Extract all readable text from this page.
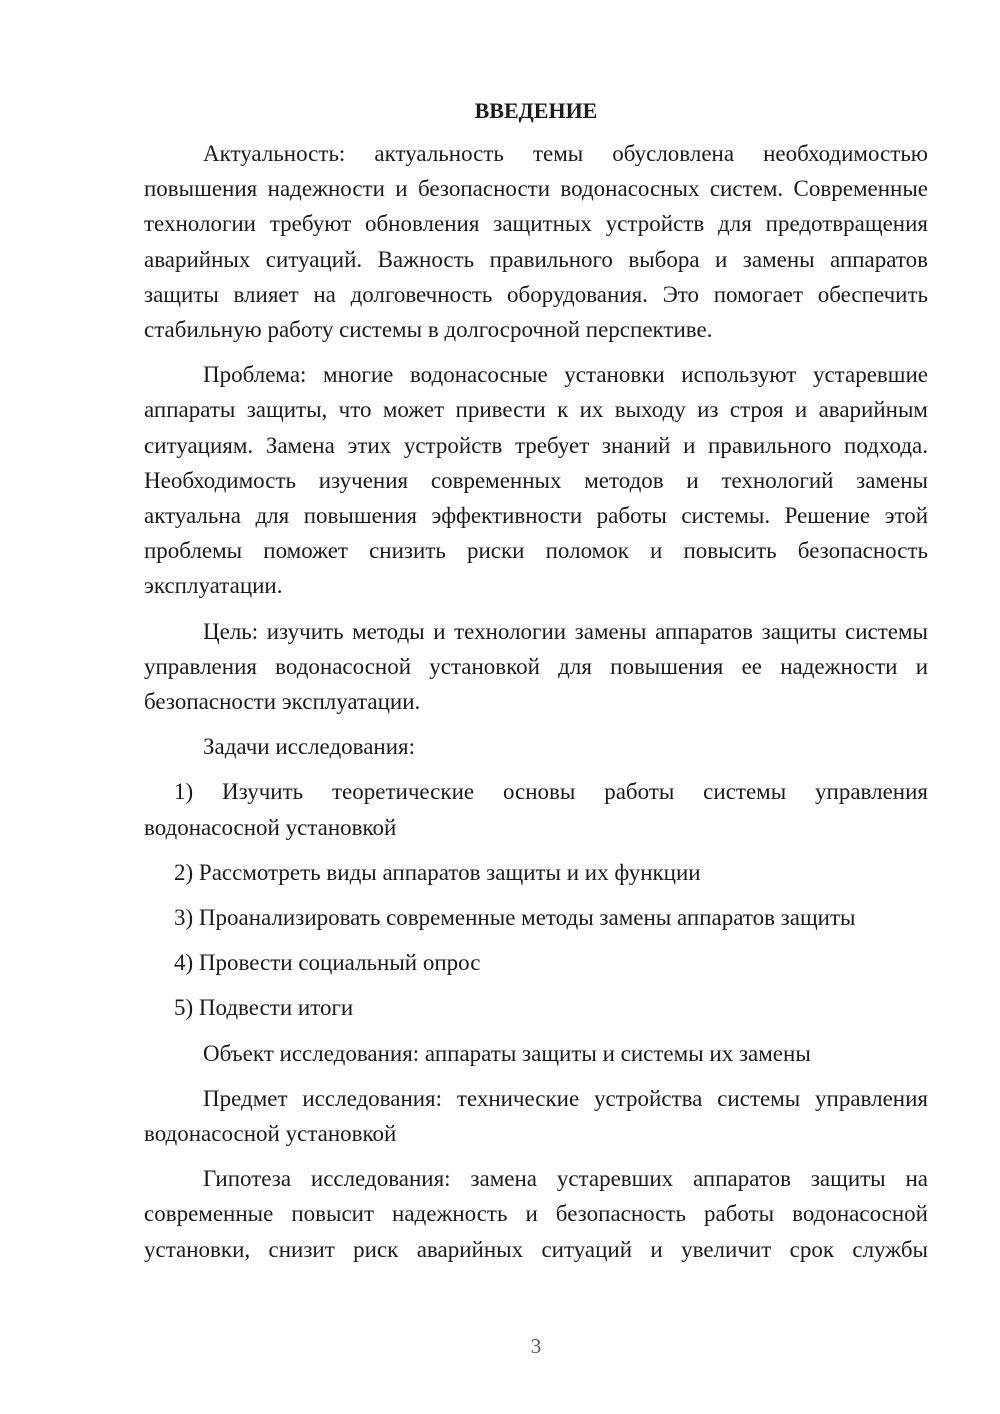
ВВЕДЕНИЕ

Актуальность: актуальность темы обусловлена необходимостью повышения надежности и безопасности водонасосных систем. Современные технологии требуют обновления защитных устройств для предотвращения аварийных ситуаций. Важность правильного выбора и замены аппаратов защиты влияет на долговечность оборудования. Это помогает обеспечить стабильную работу системы в долгосрочной перспективе.

Проблема: многие водонасосные установки используют устаревшие аппараты защиты, что может привести к их выходу из строя и аварийным ситуациям. Замена этих устройств требует знаний и правильного подхода. Необходимость изучения современных методов и технологий замены актуальна для повышения эффективности работы системы. Решение этой проблемы поможет снизить риски поломок и повысить безопасность эксплуатации.

Цель: изучить методы и технологии замены аппаратов защиты системы управления водонасосной установкой для повышения ее надежности и безопасности эксплуатации.

Задачи исследования:

1) Изучить теоретические основы работы системы управления водонасосной установкой

2) Рассмотреть виды аппаратов защиты и их функции

3) Проанализировать современные методы замены аппаратов защиты

4) Провести социальный опрос

5) Подвести итоги

Объект исследования: аппараты защиты и системы их замены

Предмет исследования: технические устройства системы управления водонасосной установкой

Гипотеза исследования: замена устаревших аппаратов защиты на современные повысит надежность и безопасность работы водонасосной установки, снизит риск аварийных ситуаций и увеличит срок службы

3
